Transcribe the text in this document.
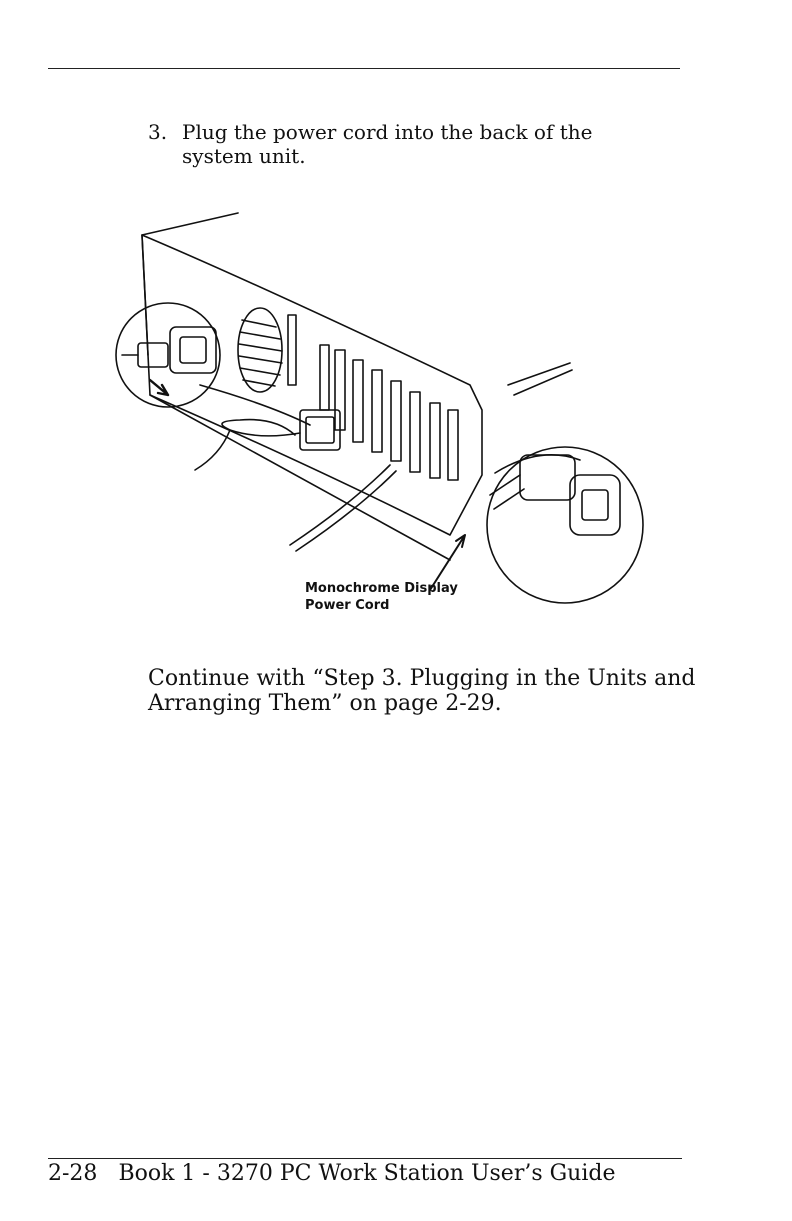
3. Plug the power cord into the back of the system unit.
Monochrome Display
Power Cord
Continue with “Step 3. Plugging in the Units and Arranging Them” on page 2-29.
2-28 Book 1 - 3270 PC Work Station User’s Guide
